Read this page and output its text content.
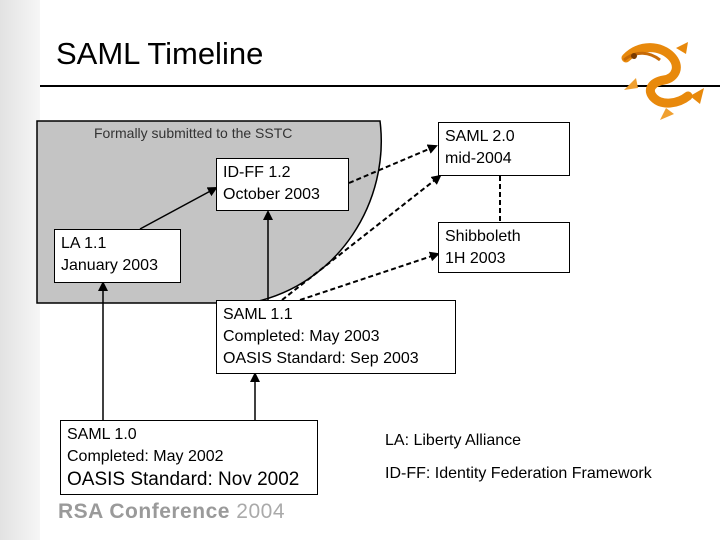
SAML Timeline
Formally submitted to the SSTC
ID-FF 1.2
October 2003
SAML 2.0
mid-2004
LA 1.1
January 2003
Shibboleth
1H 2003
SAML 1.1
Completed: May 2003
OASIS Standard: Sep 2003
SAML 1.0
Completed: May 2002
OASIS Standard: Nov 2002
LA: Liberty Alliance
ID-FF: Identity Federation Framework
RSA Conference 2004
